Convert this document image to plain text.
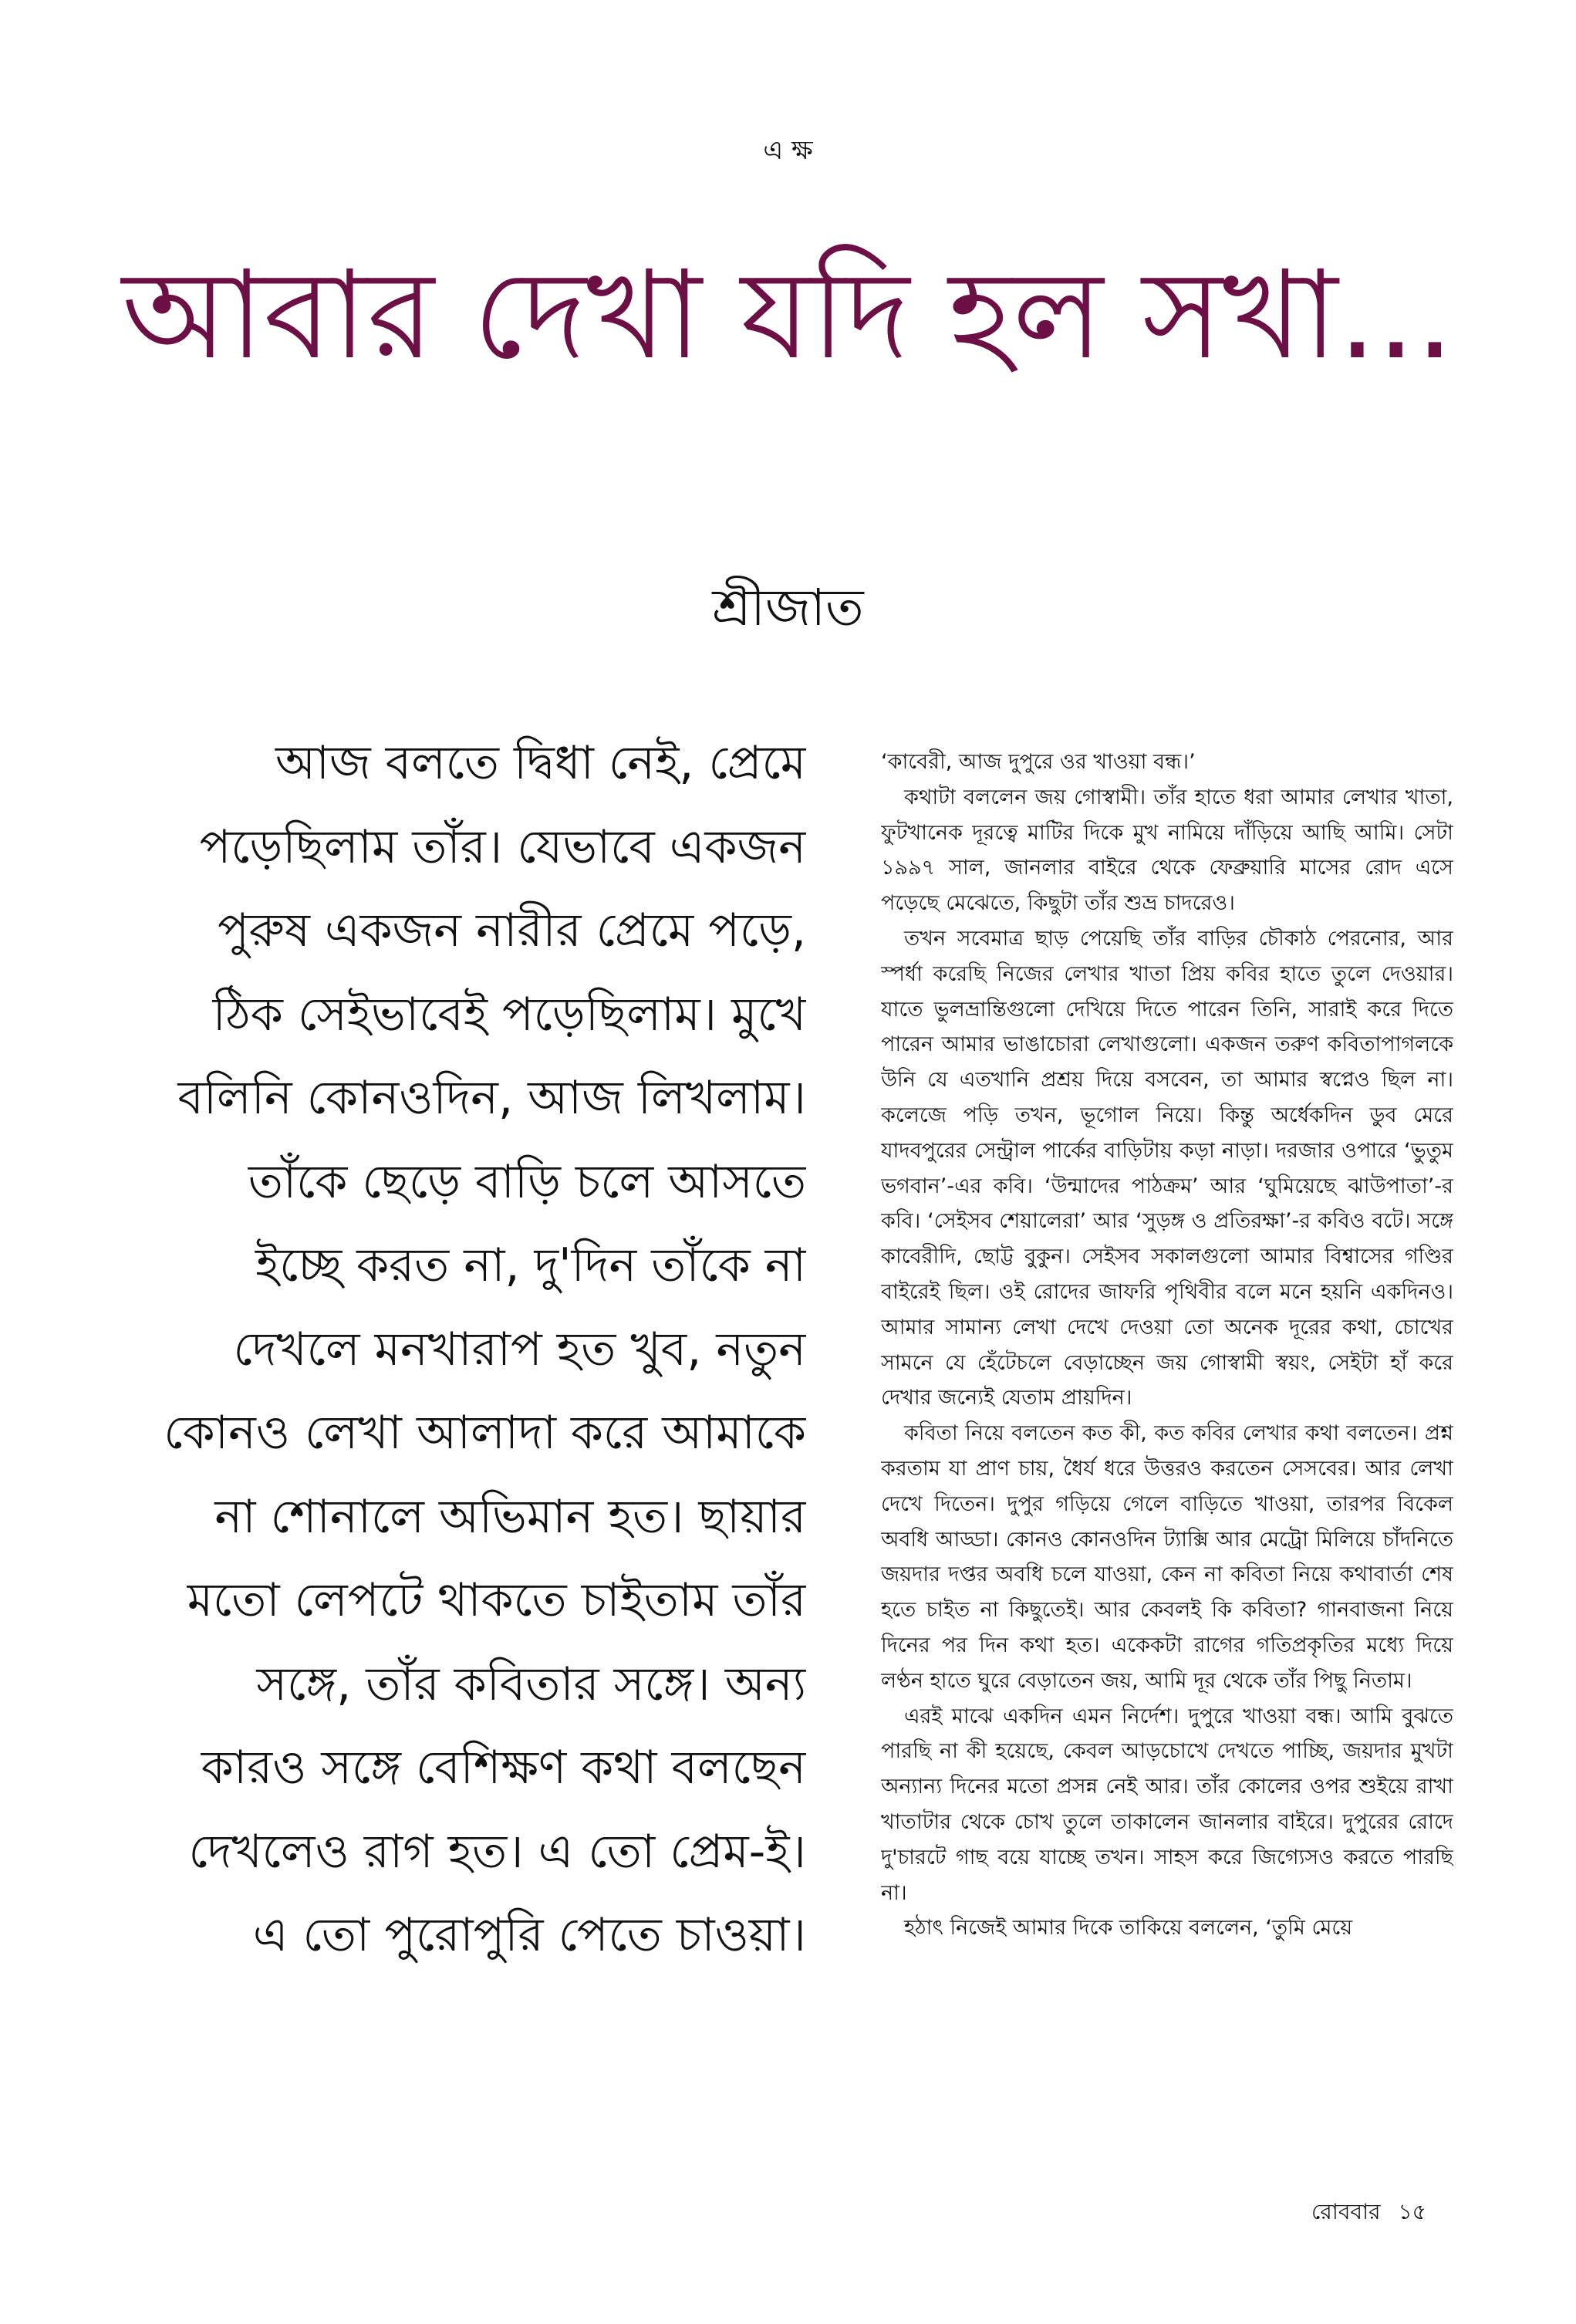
এ ক্ষ
আবার দেখা যদি হল সখা...
শ্রীজাত

আজ বলতে দ্বিধা নেই, প্রেমে পড়েছিলাম তাঁর। যেভাবে একজন পুরুষ একজন নারীর প্রেমে পড়ে, ঠিক সেইভাবেই পড়েছিলাম। মুখে বলিনি কোনওদিন, আজ লিখলাম। তাঁকে ছেড়ে বাড়ি চলে আসতে ইচ্ছে করত না, দু'দিন তাঁকে না দেখলে মনখারাপ হত খুব, নতুন কোনও লেখা আলাদা করে আমাকে না শোনালে অভিমান হত। ছায়ার মতো লেপটে থাকতে চাইতাম তাঁর সঙ্গে, তাঁর কবিতার সঙ্গে। অন্য কারও সঙ্গে বেশিক্ষণ কথা বলছেন দেখলেও রাগ হত। এ তো প্রেম-ই। এ তো পুরোপুরি পেতে চাওয়া।

‘কাবেরী, আজ দুপুরে ওর খাওয়া বন্ধ।’

কথাটা বললেন জয় গোস্বামী। তাঁর হাতে ধরা আমার লেখার খাতা, ফুটখানেক দূরত্বে মাটির দিকে মুখ নামিয়ে দাঁড়িয়ে আছি আমি। সেটা ১৯৯৭ সাল, জানলার বাইরে থেকে ফেব্রুয়ারি মাসের রোদ এসে পড়েছে মেঝেতে, কিছুটা তাঁর শুভ্র চাদরেও।

তখন সবেমাত্র ছাড় পেয়েছি তাঁর বাড়ির চৌকাঠ পেরনোর, আর স্পর্ধা করেছি নিজের লেখার খাতা প্রিয় কবির হাতে তুলে দেওয়ার। যাতে ভুলভ্রান্তিগুলো দেখিয়ে দিতে পারেন তিনি, সারাই করে দিতে পারেন আমার ভাঙাচোরা লেখাগুলো। একজন তরুণ কবিতাপাগলকে উনি যে এতখানি প্রশ্রয় দিয়ে বসবেন, তা আমার স্বপ্নেও ছিল না। কলেজে পড়ি তখন, ভূগোল নিয়ে। কিন্তু অর্ধেকদিন ডুব মেরে যাদবপুরের সেন্ট্রাল পার্কের বাড়িটায় কড়া নাড়া। দরজার ওপারে ‘ভুতুম ভগবান’-এর কবি। ‘উন্মাদের পাঠক্রম’ আর ‘ঘুমিয়েছে ঝাউপাতা’-র কবি। ‘সেইসব শেয়ালেরা’ আর ‘সুড়ঙ্গ ও প্রতিরক্ষা’-র কবিও বটে। সঙ্গে কাবেরীদি, ছোট্ট বুকুন। সেইসব সকালগুলো আমার বিশ্বাসের গণ্ডির বাইরেই ছিল। ওই রোদের জাফরি পৃথিবীর বলে মনে হয়নি একদিনও। আমার সামান্য লেখা দেখে দেওয়া তো অনেক দূরের কথা, চোখের সামনে যে হেঁটেচলে বেড়াচ্ছেন জয় গোস্বামী স্বয়ং, সেইটা হাঁ করে দেখার জন্যেই যেতাম প্রায়দিন।

কবিতা নিয়ে বলতেন কত কী, কত কবির লেখার কথা বলতেন। প্রশ্ন করতাম যা প্রাণ চায়, ধৈর্য ধরে উত্তরও করতেন সেসবের। আর লেখা দেখে দিতেন। দুপুর গড়িয়ে গেলে বাড়িতে খাওয়া, তারপর বিকেল অবধি আড্ডা। কোনও কোনওদিন ট্যাক্সি আর মেট্রো মিলিয়ে চাঁদনিতে জয়দার দপ্তর অবধি চলে যাওয়া, কেন না কবিতা নিয়ে কথাবার্তা শেষ হতে চাইত না কিছুতেই। আর কেবলই কি কবিতা? গানবাজনা নিয়ে দিনের পর দিন কথা হত। একেকটা রাগের গতিপ্রকৃতির মধ্যে দিয়ে লণ্ঠন হাতে ঘুরে বেড়াতেন জয়, আমি দূর থেকে তাঁর পিছু নিতাম।

এরই মাঝে একদিন এমন নির্দেশ। দুপুরে খাওয়া বন্ধ। আমি বুঝতে পারছি না কী হয়েছে, কেবল আড়চোখে দেখতে পাচ্ছি, জয়দার মুখটা অন্যান্য দিনের মতো প্রসন্ন নেই আর। তাঁর কোলের ওপর শুইয়ে রাখা খাতাটার থেকে চোখ তুলে তাকালেন জানলার বাইরে। দুপুরের রোদে দু'চারটে গাছ বয়ে যাচ্ছে তখন। সাহস করে জিগ্যেসও করতে পারছি না।

হঠাৎ নিজেই আমার দিকে তাকিয়ে বললেন, ‘তুমি মেয়ে

রোববার ১৫
